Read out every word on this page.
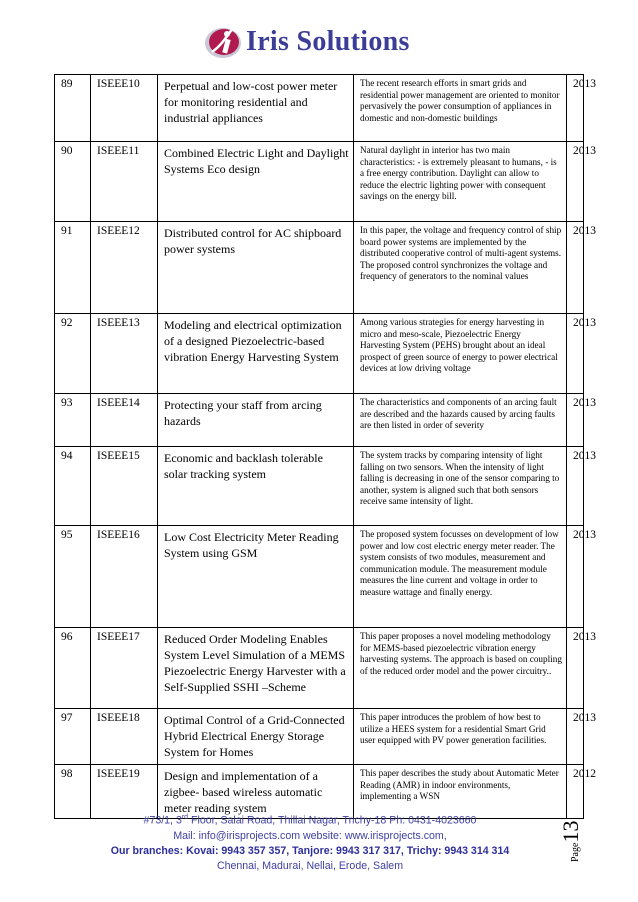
Iris Solutions
89	ISEEE10	Perpetual and low-cost power meter for monitoring residential and industrial appliances	The recent research efforts in smart grids and residential power management are oriented to monitor pervasively the power consumption of appliances in domestic and non-domestic buildings	2013
90	ISEEE11	Combined Electric Light and Daylight Systems Eco design	Natural daylight in interior has two main characteristics: - is extremely pleasant to humans, - is a free energy contribution. Daylight can allow to reduce the electric lighting power with consequent savings on the energy bill.	2013
91	ISEEE12	Distributed control for AC shipboard power systems	In this paper, the voltage and frequency control of ship board power systems are implemented by the distributed cooperative control of multi-agent systems. The proposed control synchronizes the voltage and frequency of generators to the nominal values	2013
92	ISEEE13	Modeling and electrical optimization of a designed Piezoelectric-based vibration Energy Harvesting System	Among various strategies for energy harvesting in micro and meso-scale, Piezoelectric Energy Harvesting System (PEHS) brought about an ideal prospect of green source of energy to power electrical devices at low driving voltage	2013
93	ISEEE14	Protecting your staff from arcing hazards	The characteristics and components of an arcing fault are described and the hazards caused by arcing faults are then listed in order of severity	2013
94	ISEEE15	Economic and backlash tolerable solar tracking system	The system tracks by comparing intensity of light falling on two sensors. When the intensity of light falling is decreasing in one of the sensor comparing to another, system is aligned such that both sensors receive same intensity of light.	2013
95	ISEEE16	Low Cost Electricity Meter Reading System using GSM	The proposed system focusses on development of low power and low cost electric energy meter reader. The system consists of two modules, measurement and communication module. The measurement module measures the line current and voltage in order to measure wattage and finally energy.	2013
96	ISEEE17	Reduced Order Modeling Enables System Level Simulation of a MEMS Piezoelectric Energy Harvester with a Self-Supplied SSHI –Scheme	This paper proposes a novel modeling methodology for MEMS-based piezoelectric vibration energy harvesting systems. The approach is based on coupling of the reduced order model and the power circuitry..	2013
97	ISEEE18	Optimal Control of a Grid-Connected Hybrid Electrical Energy Storage System for Homes	This paper introduces the problem of how best to utilize a HEES system for a residential Smart Grid user equipped with PV power generation facilities.	2013
98	ISEEE19	Design and implementation of a zigbee- based wireless automatic meter reading system	This paper describes the study about Automatic Meter Reading (AMR) in indoor environments, implementing a WSN	2012
#73/1, 3rd Floor, Salai Road, Thillai Nagar, Trichy-18 Ph: 0431-4023660
Mail: info@irisprojects.com website: www.irisprojects.com,
Our branches: Kovai: 9943 357 357, Tanjore: 9943 317 317, Trichy: 9943 314 314
Chennai, Madurai, Nellai, Erode, Salem
Page13
